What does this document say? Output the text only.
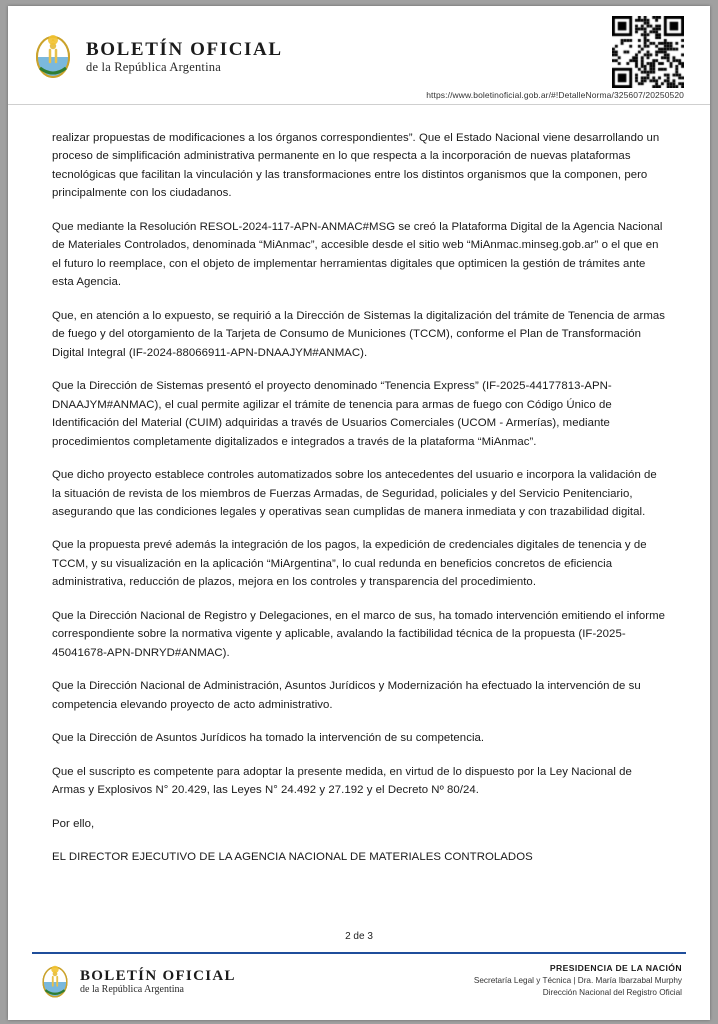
BOLETÍN OFICIAL
de la República Argentina
https://www.boletinoficial.gob.ar/#!DetalleNorma/325607/20250520

realizar propuestas de modificaciones a los órganos correspondientes”. Que el Estado Nacional viene desarrollando un proceso de simplificación administrativa permanente en lo que respecta a la incorporación de nuevas plataformas tecnológicas que facilitan la vinculación y las transformaciones entre los distintos organismos que la componen, pero principalmente con los ciudadanos.

Que mediante la Resolución RESOL-2024-117-APN-ANMAC#MSG se creó la Plataforma Digital de la Agencia Nacional de Materiales Controlados, denominada “MiAnmac”, accesible desde el sitio web “MiAnmac.minseg.gob.ar” o el que en el futuro lo reemplace, con el objeto de implementar herramientas digitales que optimicen la gestión de trámites ante esta Agencia.

Que, en atención a lo expuesto, se requirió a la Dirección de Sistemas la digitalización del trámite de Tenencia de armas de fuego y del otorgamiento de la Tarjeta de Consumo de Municiones (TCCM), conforme el Plan de Transformación Digital Integral (IF-2024-88066911-APN-DNAAJYM#ANMAC).

Que la Dirección de Sistemas presentó el proyecto denominado “Tenencia Express” (IF-2025-44177813-APN-DNAAJYM#ANMAC), el cual permite agilizar el trámite de tenencia para armas de fuego con Código Único de Identificación del Material (CUIM) adquiridas a través de Usuarios Comerciales (UCOM - Armerías), mediante procedimientos completamente digitalizados e integrados a través de la plataforma “MiAnmac”.

Que dicho proyecto establece controles automatizados sobre los antecedentes del usuario e incorpora la validación de la situación de revista de los miembros de Fuerzas Armadas, de Seguridad, policiales y del Servicio Penitenciario, asegurando que las condiciones legales y operativas sean cumplidas de manera inmediata y con trazabilidad digital.

Que la propuesta prevé además la integración de los pagos, la expedición de credenciales digitales de tenencia y de TCCM, y su visualización en la aplicación “MiArgentina”, lo cual redunda en beneficios concretos de eficiencia administrativa, reducción de plazos, mejora en los controles y transparencia del procedimiento.

Que la Dirección Nacional de Registro y Delegaciones, en el marco de sus, ha tomado intervención emitiendo el informe correspondiente sobre la normativa vigente y aplicable, avalando la factibilidad técnica de la propuesta (IF-2025-45041678-APN-DNRYD#ANMAC).

Que la Dirección Nacional de Administración, Asuntos Jurídicos y Modernización ha efectuado la intervención de su competencia elevando proyecto de acto administrativo.

Que la Dirección de Asuntos Jurídicos ha tomado la intervención de su competencia.

Que el suscripto es competente para adoptar la presente medida, en virtud de lo dispuesto por la Ley Nacional de Armas y Explosivos N° 20.429, las Leyes N° 24.492 y 27.192 y el Decreto Nº 80/24.

Por ello,

EL DIRECTOR EJECUTIVO DE LA AGENCIA NACIONAL DE MATERIALES CONTROLADOS

2 de 3
BOLETÍN OFICIAL
de la República Argentina
PRESIDENCIA DE LA NACIÓN
Secretaría Legal y Técnica | Dra. María Ibarzabal Murphy
Dirección Nacional del Registro Oficial
